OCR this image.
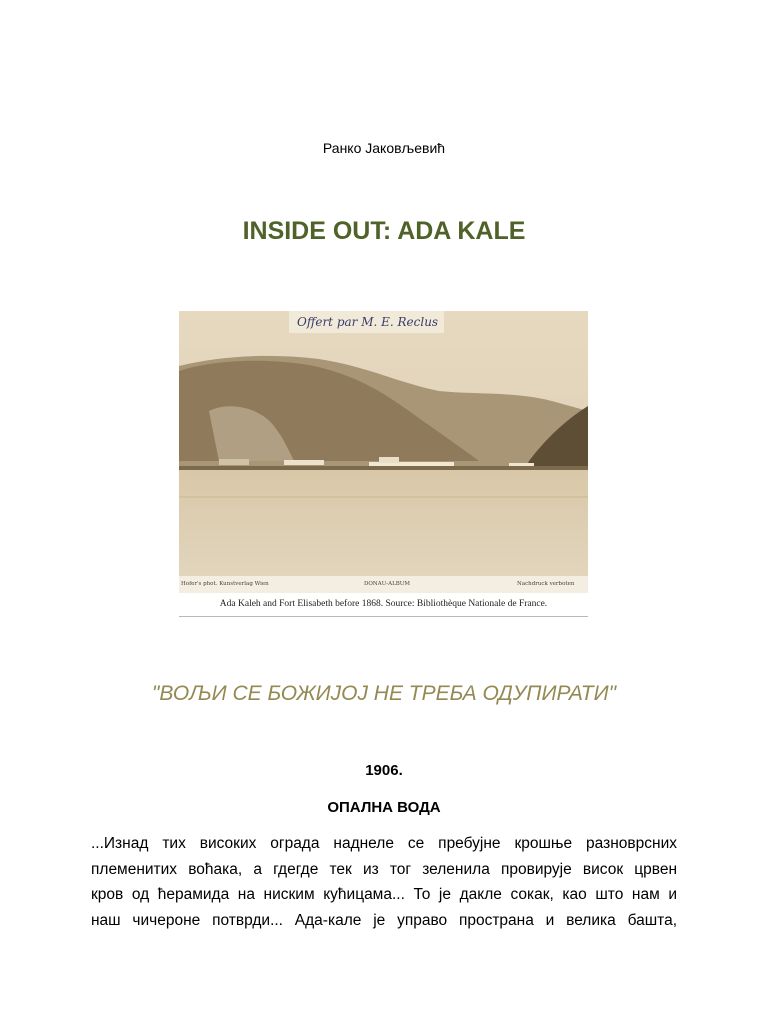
Ранко Јаковљевић
INSIDE OUT: ADA KALE
Offert par M. E. Reclus
Hofer's phot. Kunstverlag Wien	DONAU-ALBUM	Nachdruck verboten
Ada Kaleh and Fort Elisabeth before 1868. Source: Bibliothèque Nationale de France.
"ВОЉИ СЕ БОЖИЈОЈ НЕ ТРЕБА ОДУПИРАТИ"
1906.
ОПАЛНА ВОДА
...Изнад тих високих ограда наднеле се пребујне крошње разноврсних
племенитих воћака, а гдегде тек из тог зеленила провирује висок црвен
кров од ћерамида на ниским кућицама... То је дакле сокак, као што нам и
наш чичероне потврди... Ада-кале је управо пространа и велика башта,
